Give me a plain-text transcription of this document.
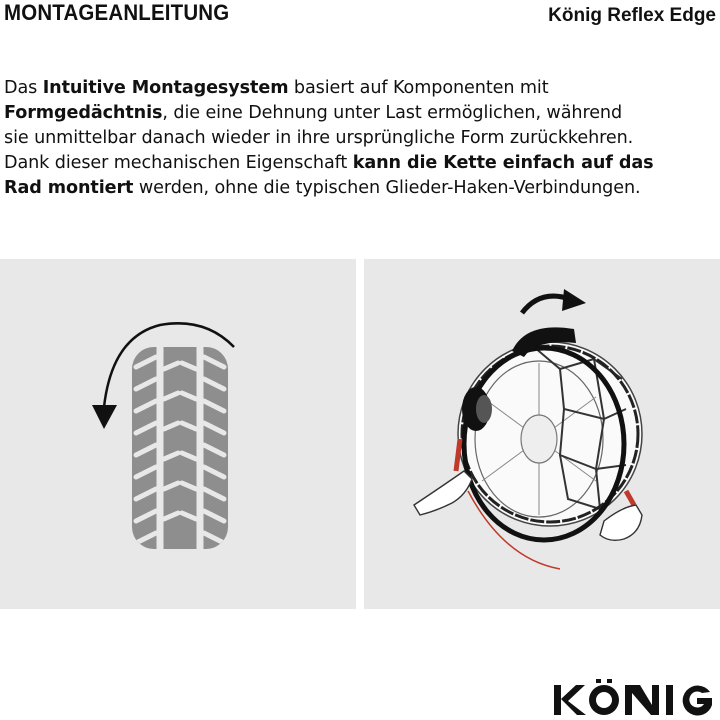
MONTAGEANLEITUNG	König Reflex Edge

Das Intuitive Montagesystem basiert auf Komponenten mit
Formgedächtnis, die eine Dehnung unter Last ermöglichen, während
sie unmittelbar danach wieder in ihre ursprüngliche Form zurückkehren.
Dank dieser mechanischen Eigenschaft kann die Kette einfach auf das
Rad montiert werden, ohne die typischen Glieder-Haken-Verbindungen.
